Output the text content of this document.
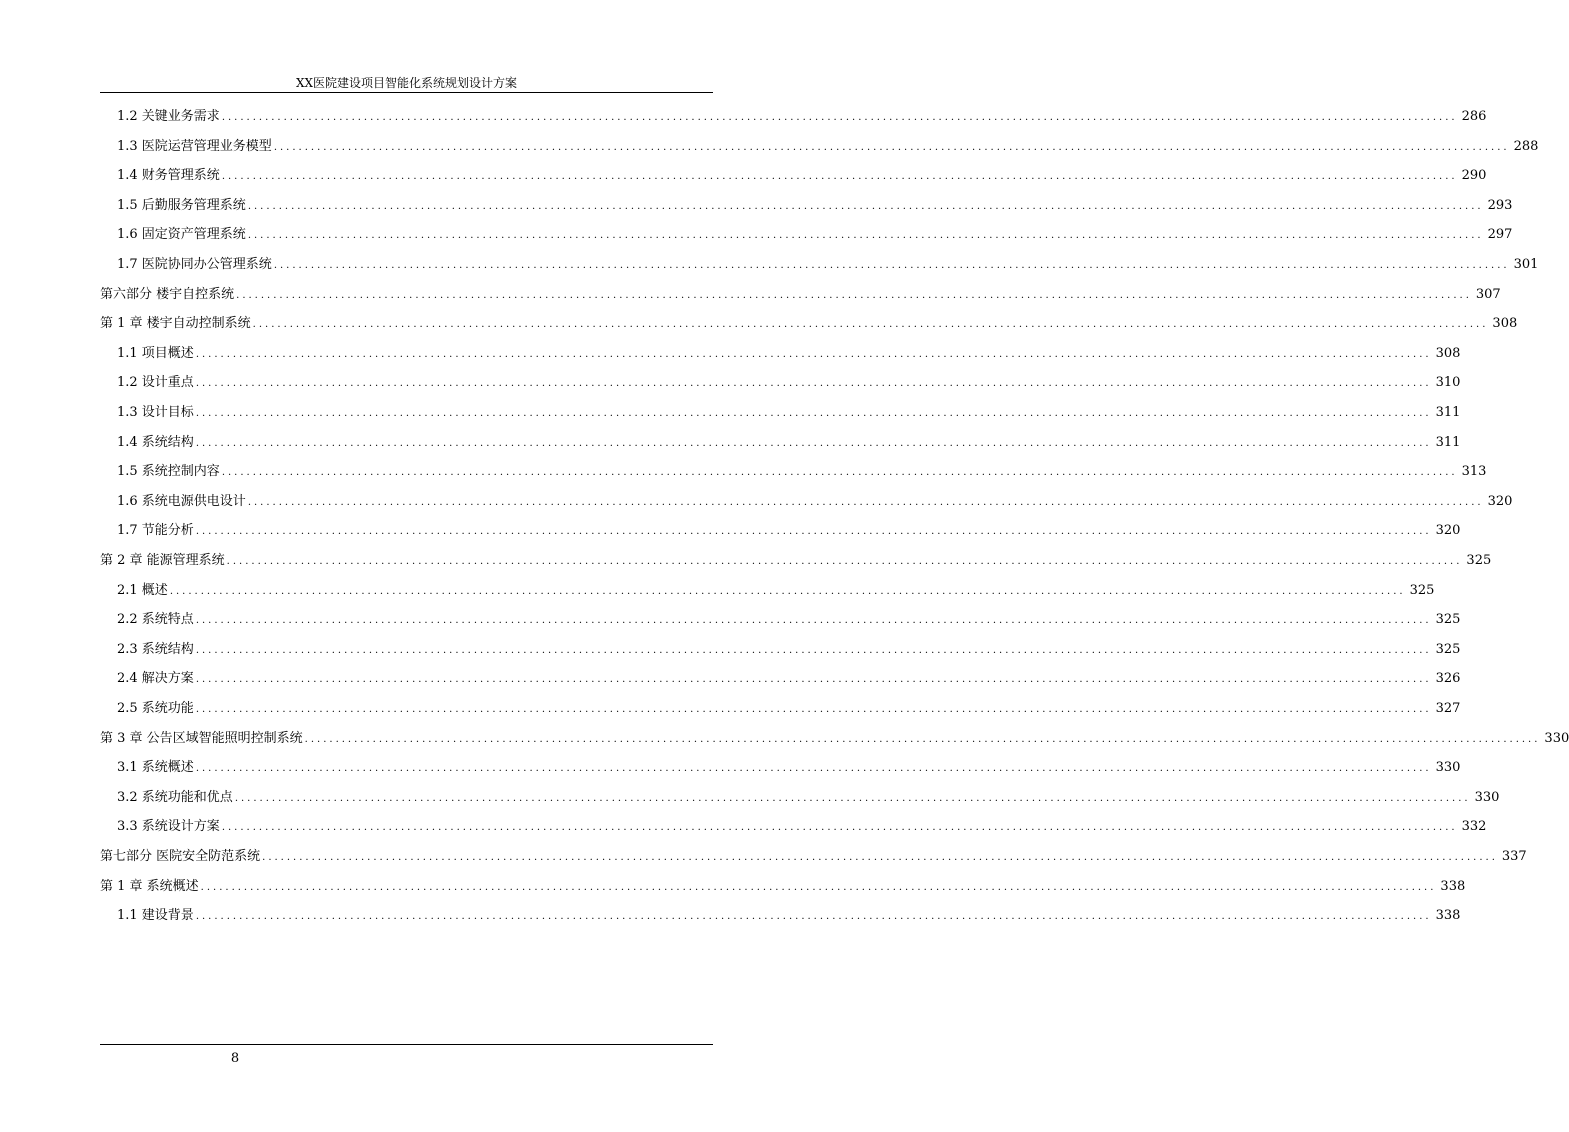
XX医院建设项目智能化系统规划设计方案
1.2 关键业务需求 ........................................................................................................................................................................................................ 286
1.3 医院运营管理业务模型 ........................................................................................................................................................................................................ 288
1.4 财务管理系统 ........................................................................................................................................................................................................ 290
1.5 后勤服务管理系统 ........................................................................................................................................................................................................ 293
1.6 固定资产管理系统 ........................................................................................................................................................................................................ 297
1.7 医院协同办公管理系统 ........................................................................................................................................................................................................ 301
第六部分 楼宇自控系统 ........................................................................................................................................................................................................ 307
第 1 章 楼宇自动控制系统 ........................................................................................................................................................................................................ 308
1.1 项目概述 ........................................................................................................................................................................................................ 308
1.2 设计重点 ........................................................................................................................................................................................................ 310
1.3 设计目标 ........................................................................................................................................................................................................ 311
1.4 系统结构 ........................................................................................................................................................................................................ 311
1.5 系统控制内容 ........................................................................................................................................................................................................ 313
1.6 系统电源供电设计 ........................................................................................................................................................................................................ 320
1.7 节能分析 ........................................................................................................................................................................................................ 320
第 2 章 能源管理系统 ........................................................................................................................................................................................................ 325
2.1 概述 ........................................................................................................................................................................................................ 325
2.2 系统特点 ........................................................................................................................................................................................................ 325
2.3 系统结构 ........................................................................................................................................................................................................ 325
2.4 解决方案 ........................................................................................................................................................................................................ 326
2.5 系统功能 ........................................................................................................................................................................................................ 327
第 3 章 公告区域智能照明控制系统 ........................................................................................................................................................................................................ 330
3.1 系统概述 ........................................................................................................................................................................................................ 330
3.2 系统功能和优点 ........................................................................................................................................................................................................ 330
3.3 系统设计方案 ........................................................................................................................................................................................................ 332
第七部分 医院安全防范系统 ........................................................................................................................................................................................................ 337
第 1 章 系统概述 ........................................................................................................................................................................................................ 338
1.1 建设背景 ........................................................................................................................................................................................................ 338
8
